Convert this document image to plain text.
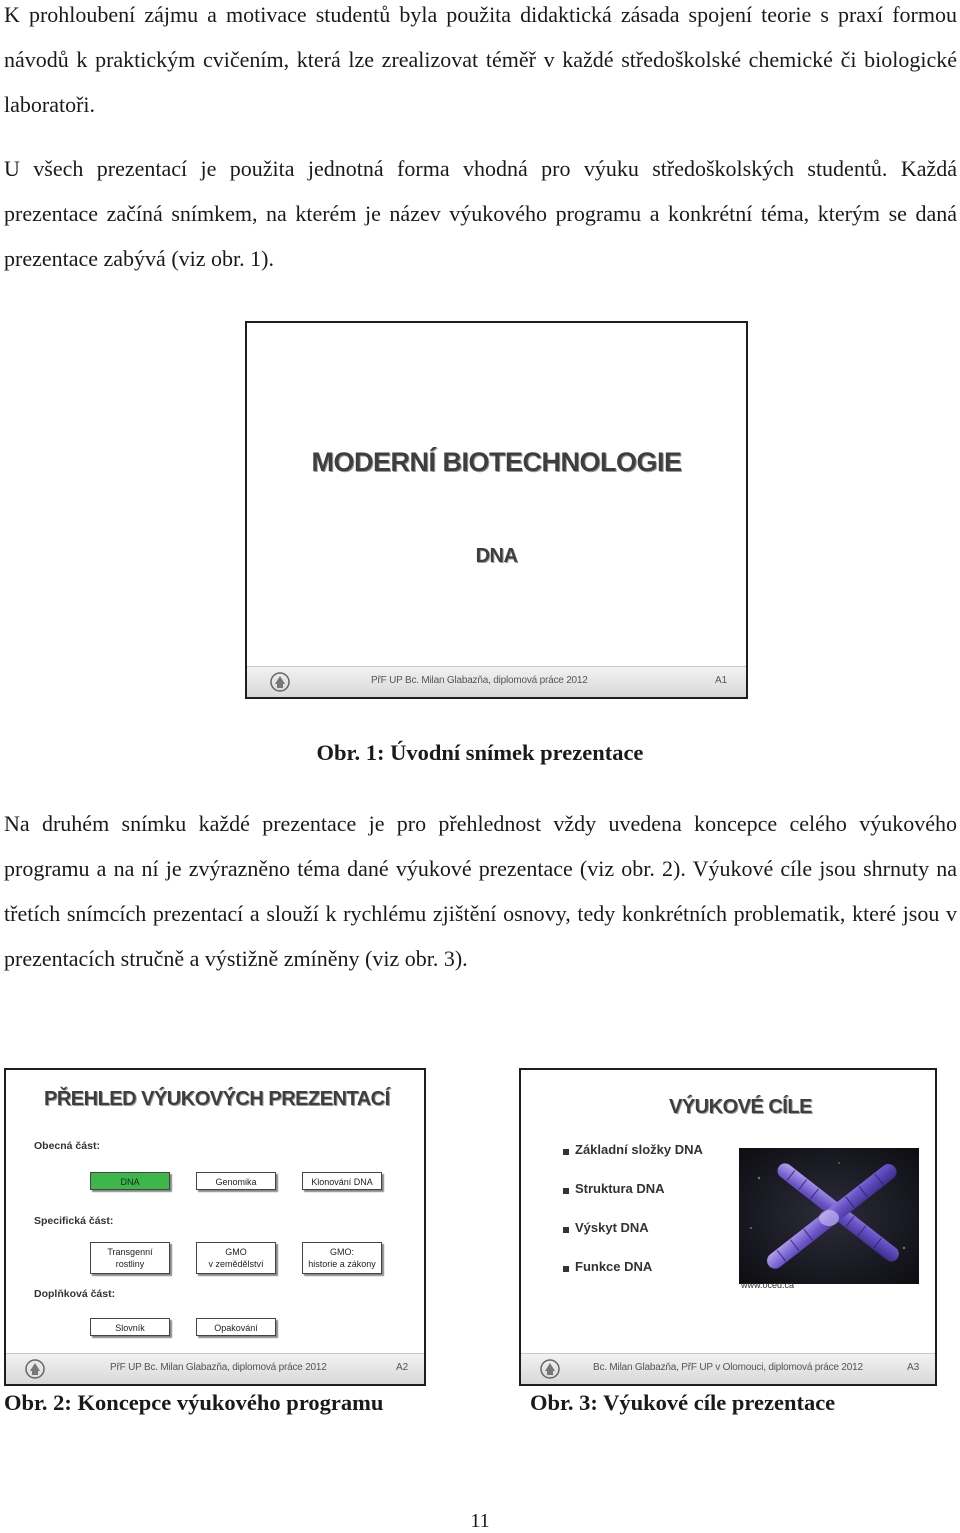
K prohloubení zájmu a motivace studentů byla použita didaktická zásada spojení teorie s praxí formou návodů k praktickým cvičením, která lze zrealizovat téměř v každé středoškolské chemické či biologické laboratoři.

U všech prezentací je použita jednotná forma vhodná pro výuku středoškolských studentů. Každá prezentace začíná snímkem, na kterém je název výukového programu a konkrétní téma, kterým se daná prezentace zabývá (viz obr. 1).

MODERNÍ BIOTECHNOLOGIE
DNA
PřF UP Bc. Milan Glabazňa, diplomová práce 2012	A1

Obr. 1: Úvodní snímek prezentace

Na druhém snímku každé prezentace je pro přehlednost vždy uvedena koncepce celého výukového programu a na ní je zvýrazněno téma dané výukové prezentace (viz obr. 2). Výukové cíle jsou shrnuty na třetích snímcích prezentací a slouží k rychlému zjištění osnovy, tedy konkrétních problematik, které jsou v prezentacích stručně a výstižně zmíněny (viz obr. 3).

PŘEHLED VÝUKOVÝCH PREZENTACÍ
Obecná část:
DNA	Genomika	Klonování DNA
Specifická část:
Transgenní
rostliny
GMO
v zemědělství
GMO:
historie a zákony
Doplňková část:
Slovník	Opakování
PřF UP Bc. Milan Glabazňa, diplomová práce 2012	A2

Obr. 2: Koncepce výukového programu

VÝUKOVÉ CÍLE
Základní složky DNA
Struktura DNA
Výskyt DNA
Funkce DNA
www.oced.ca
Bc. Milan Glabazňa, PřF UP v Olomouci, diplomová práce 2012	A3

Obr. 3: Výukové cíle prezentace

11
